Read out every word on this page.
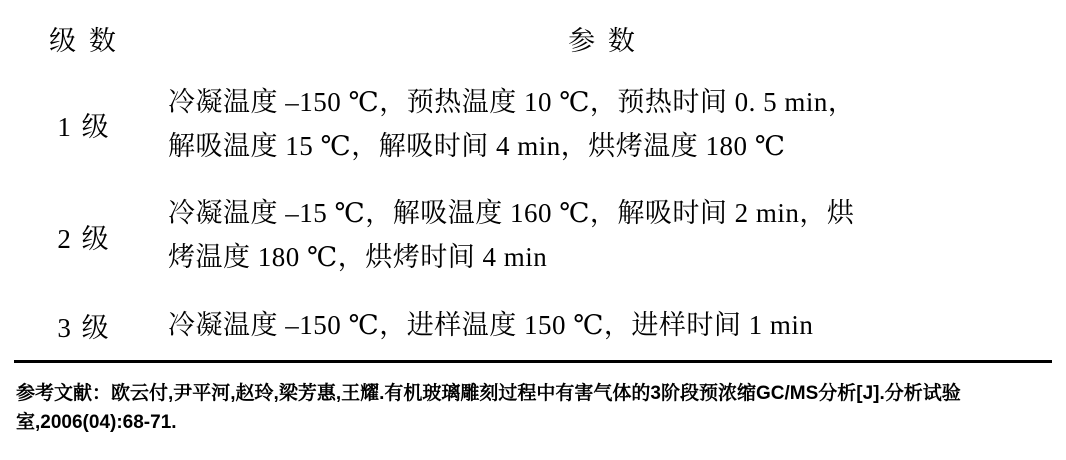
级 数	参 数
1 级	冷凝温度 –150 ℃，预热温度 10 ℃，预热时间 0. 5 min，
解吸温度 15 ℃，解吸时间 4 min，烘烤温度 180 ℃

2 级	冷凝温度 –15 ℃，解吸温度 160 ℃，解吸时间 2 min，烘
烤温度 180 ℃，烘烤时间 4 min

3 级	冷凝温度 –150 ℃，进样温度 150 ℃，进样时间 1 min

参考文献：欧云付,尹平河,赵玲,梁芳惠,王耀.有机玻璃雕刻过程中有害气体的3阶段预浓缩GC/MS分析[J].分析试验室,2006(04):68-71.
